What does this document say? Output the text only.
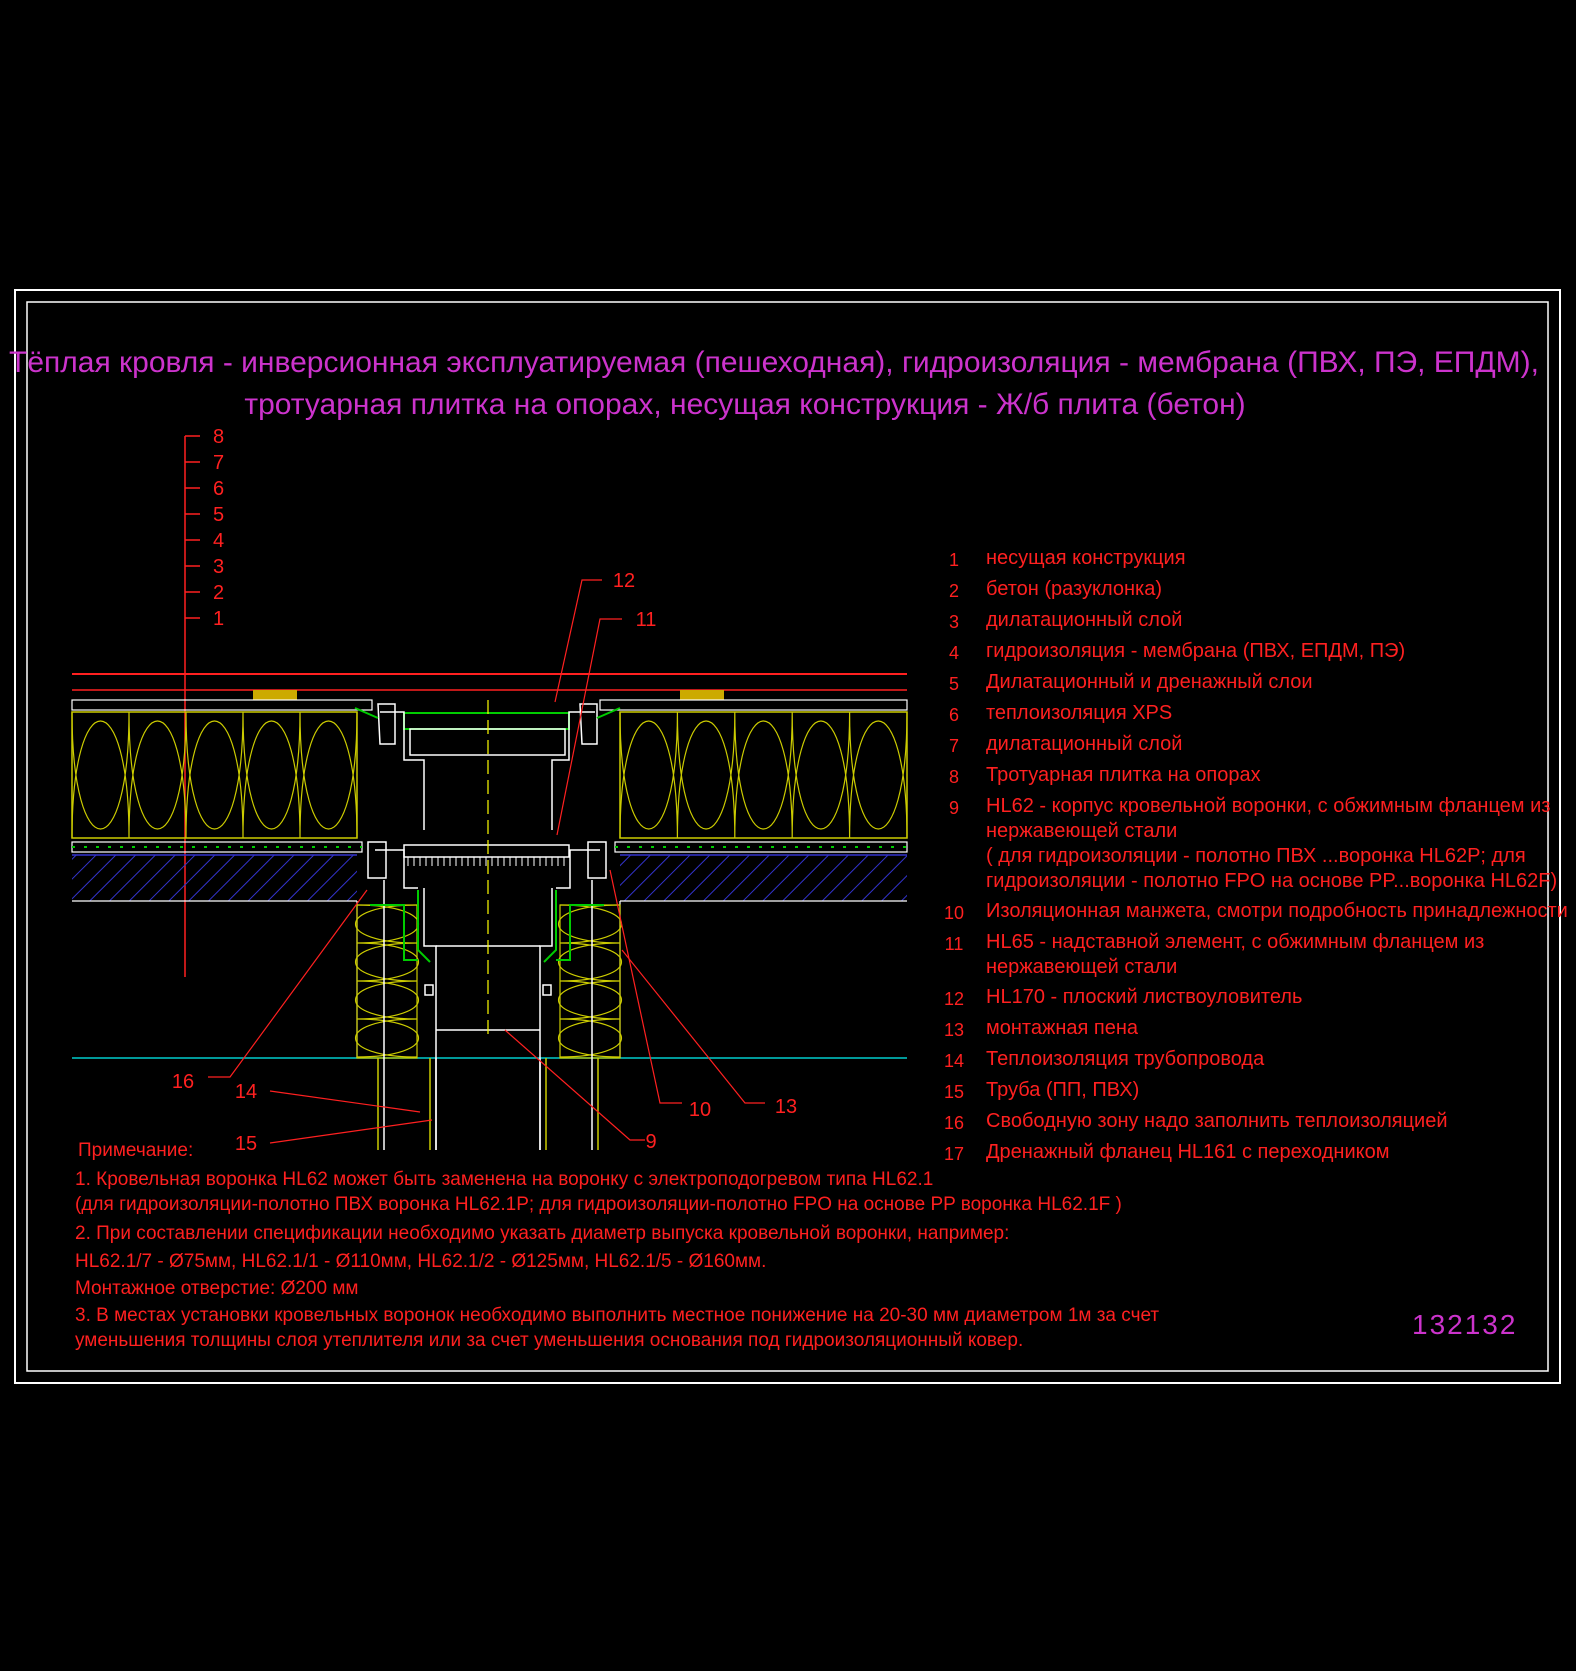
Тёплая кровля - инверсионная эксплуатируемая (пешеходная), гидроизоляция - мембрана (ПВХ, ПЭ, ЕПДМ),
тротуарная плитка на опорах, несущая конструкция - Ж/б плита (бетон)
8
7
6
5
4
3
2
1
12
11
16 14
15
10	13
9
1 несущая конструкция
2 бетон (разуклонка)
3 дилатационный слой
4 гидроизоляция - мембрана (ПВХ, ЕПДМ, ПЭ)
5 Дилатационный и дренажный слои
6 теплоизоляция XPS
7 дилатационный слой
8 Тротуарная плитка на опорах
9 HL62 - корпус кровельной воронки, с обжимным фланцем из
нержавеющей стали
( для гидроизоляции - полотно ПВХ ...воронка HL62P; для
гидроизоляции - полотно FPO на основе PP...воронка HL62F)
10 Изоляционная манжета, смотри подробность принадлежности
11 HL65 - надставной элемент, с обжимным фланцем из
нержавеющей стали
12 HL170 - плоский листвоуловитель
13 монтажная пена
14 Теплоизоляция трубопровода
15 Труба (ПП, ПВХ)
16 Свободную зону надо заполнить теплоизоляцией
17 Дренажный фланец HL161 с переходником
Примечание:
1. Кровельная воронка HL62 может быть заменена на воронку с электроподогревом типа HL62.1
(для гидроизоляции-полотно ПВХ воронка HL62.1P; для гидроизоляции-полотно FPO на основе PP воронка HL62.1F )
2. При составлении спецификации необходимо указать диаметр выпуска кровельной воронки, например:
HL62.1/7 - Ø75мм, HL62.1/1 - Ø110мм, HL62.1/2 - Ø125мм, HL62.1/5 - Ø160мм.
Монтажное отверстие: Ø200 мм
3. В местах установки кровельных воронок необходимо выполнить местное понижение на 20-30 мм диаметром 1м за счет
уменьшения толщины слоя утеплителя или за счет уменьшения основания под гидроизоляционный ковер.
132132
